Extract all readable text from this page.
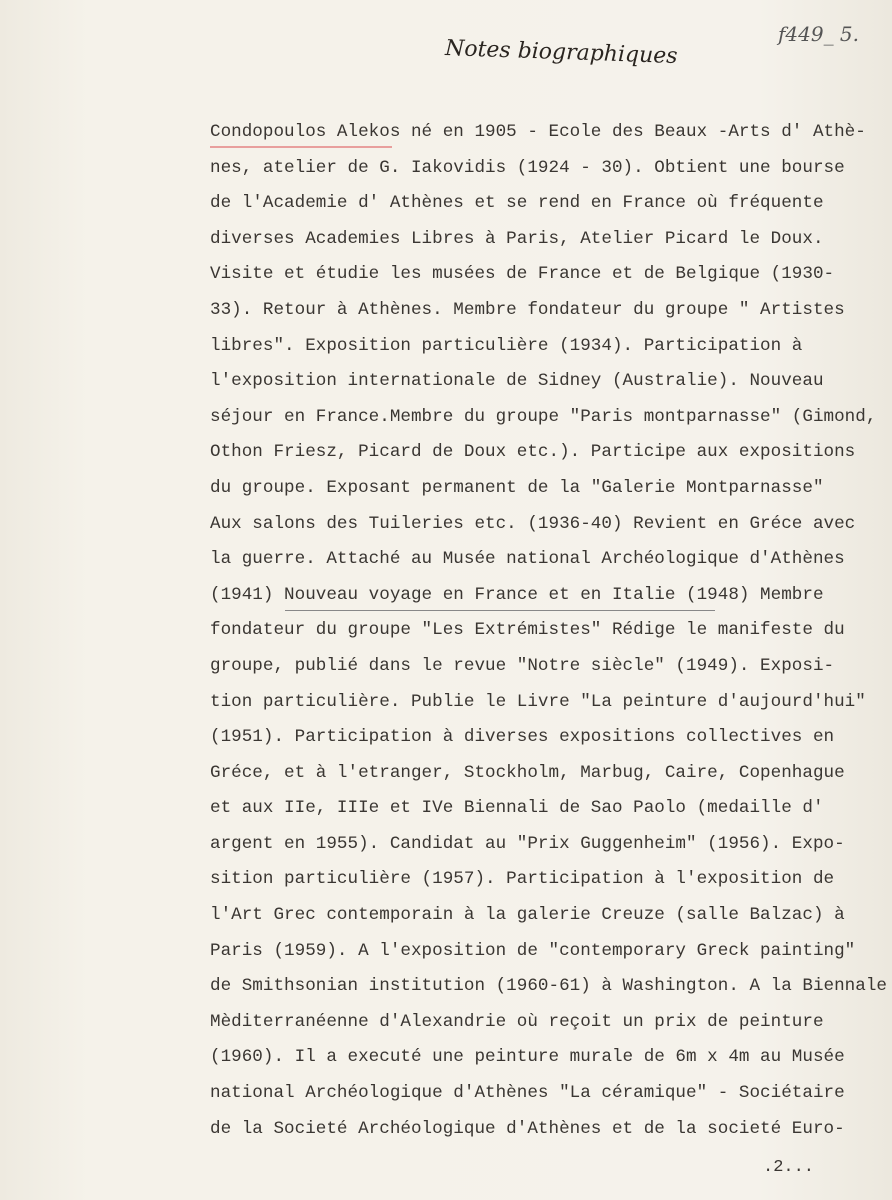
Notes biographiques
f449_ 5.
Condopoulos Alekos né en 1905 - Ecole des Beaux -Arts d' Athè-
nes, atelier de G. Iakovidis (1924 - 30). Obtient une bourse
de l'Academie d' Athènes et se rend en France où fréquente
diverses Academies Libres à Paris, Atelier Picard le Doux.
Visite et étudie les musées de France et de Belgique (1930-
33). Retour à Athènes. Membre fondateur du groupe " Artistes
libres". Exposition particulière (1934). Participation à
l'exposition internationale de Sidney (Australie). Nouveau
séjour en France.Membre du groupe "Paris montparnasse" (Gimond,
Othon Friesz, Picard de Doux etc.). Participe aux expositions
du groupe. Exposant permanent de la "Galerie Montparnasse"
Aux salons des Tuileries etc. (1936-40) Revient en Gréce avec
la guerre. Attaché au Musée national Archéologique d'Athènes
(1941) Nouveau voyage en France et en Italie (1948) Membre
fondateur du groupe "Les Extrémistes" Rédige le manifeste du
groupe, publié dans le revue "Notre siècle" (1949). Exposi-
tion particulière. Publie le Livre "La peinture d'aujourd'hui"
(1951). Participation à diverses expositions collectives en
Gréce, et à l'etranger, Stockholm, Marbug, Caire, Copenhague
et aux IIe, IIIe et IVe Biennali de Sao Paolo (medaille d'
argent en 1955). Candidat au "Prix Guggenheim" (1956). Expo-
sition particulière (1957). Participation à l'exposition de
l'Art Grec contemporain à la galerie Creuze (salle Balzac) à
Paris (1959). A l'exposition de "contemporary Greck painting"
de Smithsonian institution (1960-61) à Washington. A la Biennale
Mèditerranéenne d'Alexandrie où reçoit un prix de peinture
(1960). Il a executé une peinture murale de 6m x 4m au Musée
national Archéologique d'Athènes "La céramique" - Sociétaire
de la Societé Archéologique d'Athènes et de la societé Euro-
.2...
